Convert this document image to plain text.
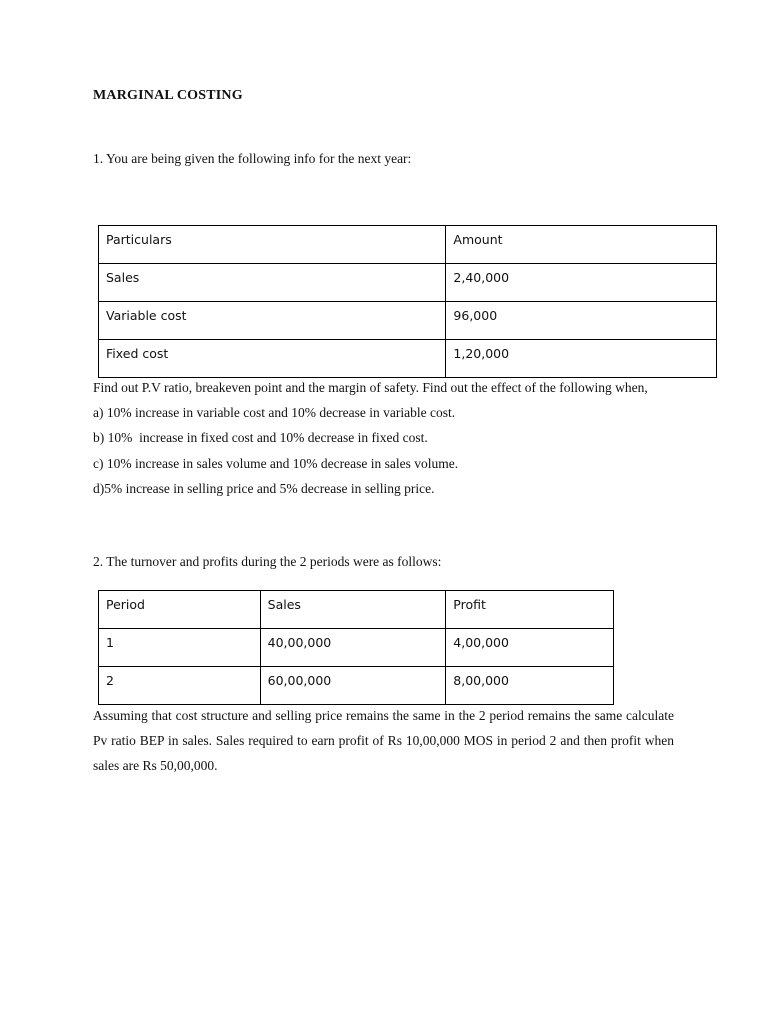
MARGINAL COSTING
1. You are being given the following info for the next year:
Particulars	Amount
Sales	2,40,000
Variable cost	96,000
Fixed cost	1,20,000
Find out P.V ratio, breakeven point and the margin of safety. Find out the effect of the following when,
a) 10% increase in variable cost and 10% decrease in variable cost.
b) 10%  increase in fixed cost and 10% decrease in fixed cost.
c) 10% increase in sales volume and 10% decrease in sales volume.
d)5% increase in selling price and 5% decrease in selling price.
2. The turnover and profits during the 2 periods were as follows:
Period	Sales	Profit
1	40,00,000	4,00,000
2	60,00,000	8,00,000
Assuming that cost structure and selling price remains the same in the 2 period remains the same calculate Pv ratio BEP in sales. Sales required to earn profit of Rs 10,00,000 MOS in period 2 and then profit when sales are Rs 50,00,000.
